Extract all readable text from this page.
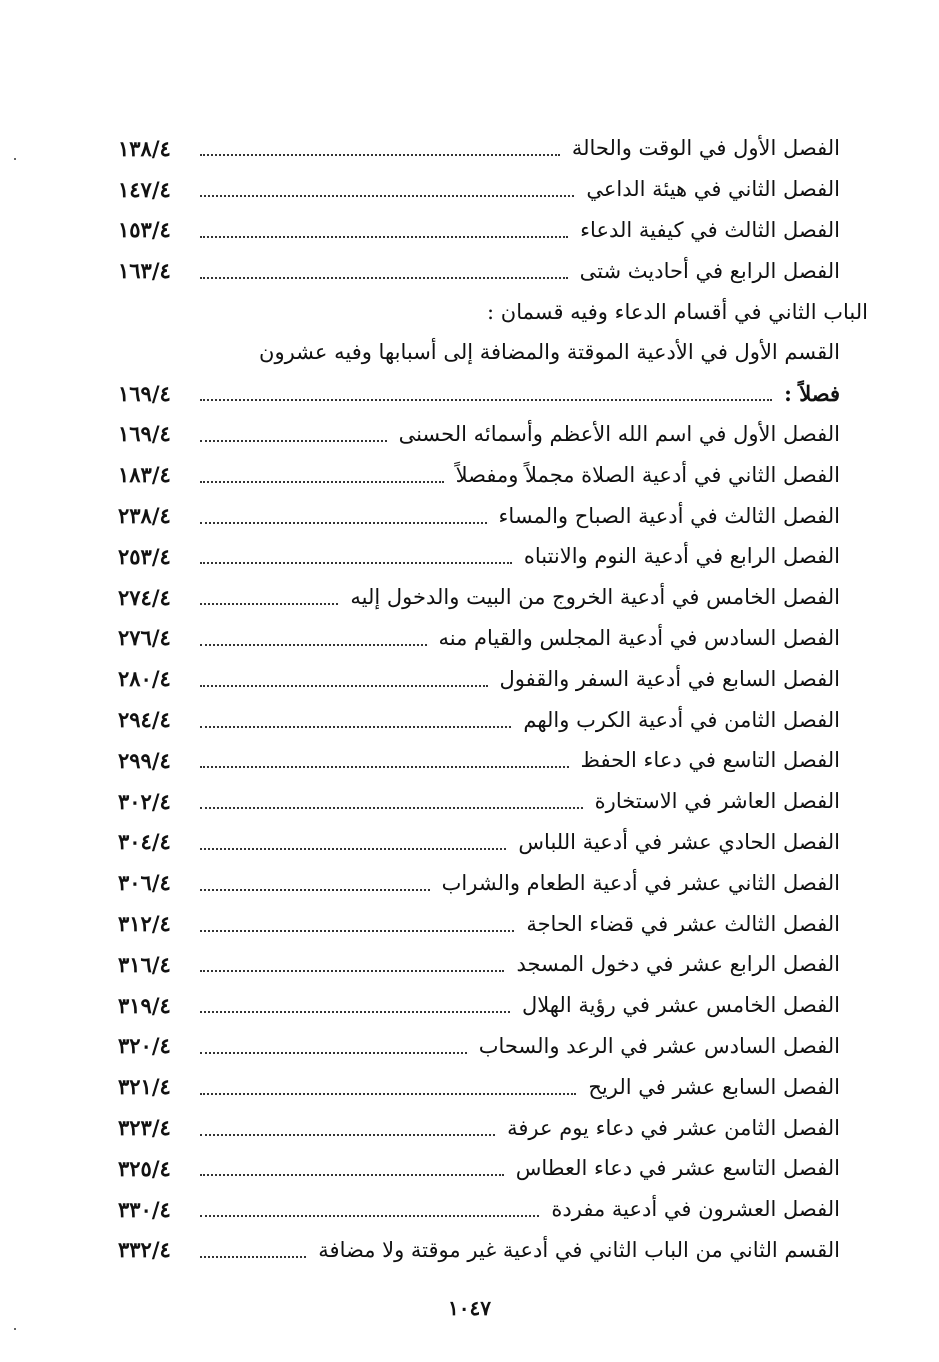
الفصل الأول في الوقت والحالة
١٣٨/٤
الفصل الثاني في هيئة الداعي
١٤٧/٤
الفصل الثالث في كيفية الدعاء
١٥٣/٤
الفصل الرابع في أحاديث شتى
١٦٣/٤
الباب الثاني في أقسام الدعاء وفيه قسمان :
القسم الأول في الأدعية الموقتة والمضافة إلى أسبابها وفيه عشرون
فصلاً :
١٦٩/٤
الفصل الأول في اسم الله الأعظم وأسمائه الحسنى
١٦٩/٤
الفصل الثاني في أدعية الصلاة مجملاً ومفصلاً
١٨٣/٤
الفصل الثالث في أدعية الصباح والمساء
٢٣٨/٤
الفصل الرابع في أدعية النوم والانتباه
٢٥٣/٤
الفصل الخامس في أدعية الخروج من البيت والدخول إليه
٢٧٤/٤
الفصل السادس في أدعية المجلس والقيام منه
٢٧٦/٤
الفصل السابع في أدعية السفر والقفول
٢٨٠/٤
الفصل الثامن في أدعية الكرب والهم
٢٩٤/٤
الفصل التاسع في دعاء الحفظ
٢٩٩/٤
الفصل العاشر في الاستخارة
٣٠٢/٤
الفصل الحادي عشر في أدعية اللباس
٣٠٤/٤
الفصل الثاني عشر في أدعية الطعام والشراب
٣٠٦/٤
الفصل الثالث عشر في قضاء الحاجة
٣١٢/٤
الفصل الرابع عشر في دخول المسجد
٣١٦/٤
الفصل الخامس عشر في رؤية الهلال
٣١٩/٤
الفصل السادس عشر في الرعد والسحاب
٣٢٠/٤
الفصل السابع عشر في الريح
٣٢١/٤
الفصل الثامن عشر في دعاء يوم عرفة
٣٢٣/٤
الفصل التاسع عشر في دعاء العطاس
٣٢٥/٤
الفصل العشرون في أدعية مفردة
٣٣٠/٤
القسم الثاني من الباب الثاني في أدعية غير موقتة ولا مضافة
٣٣٢/٤
١٠٤٧
